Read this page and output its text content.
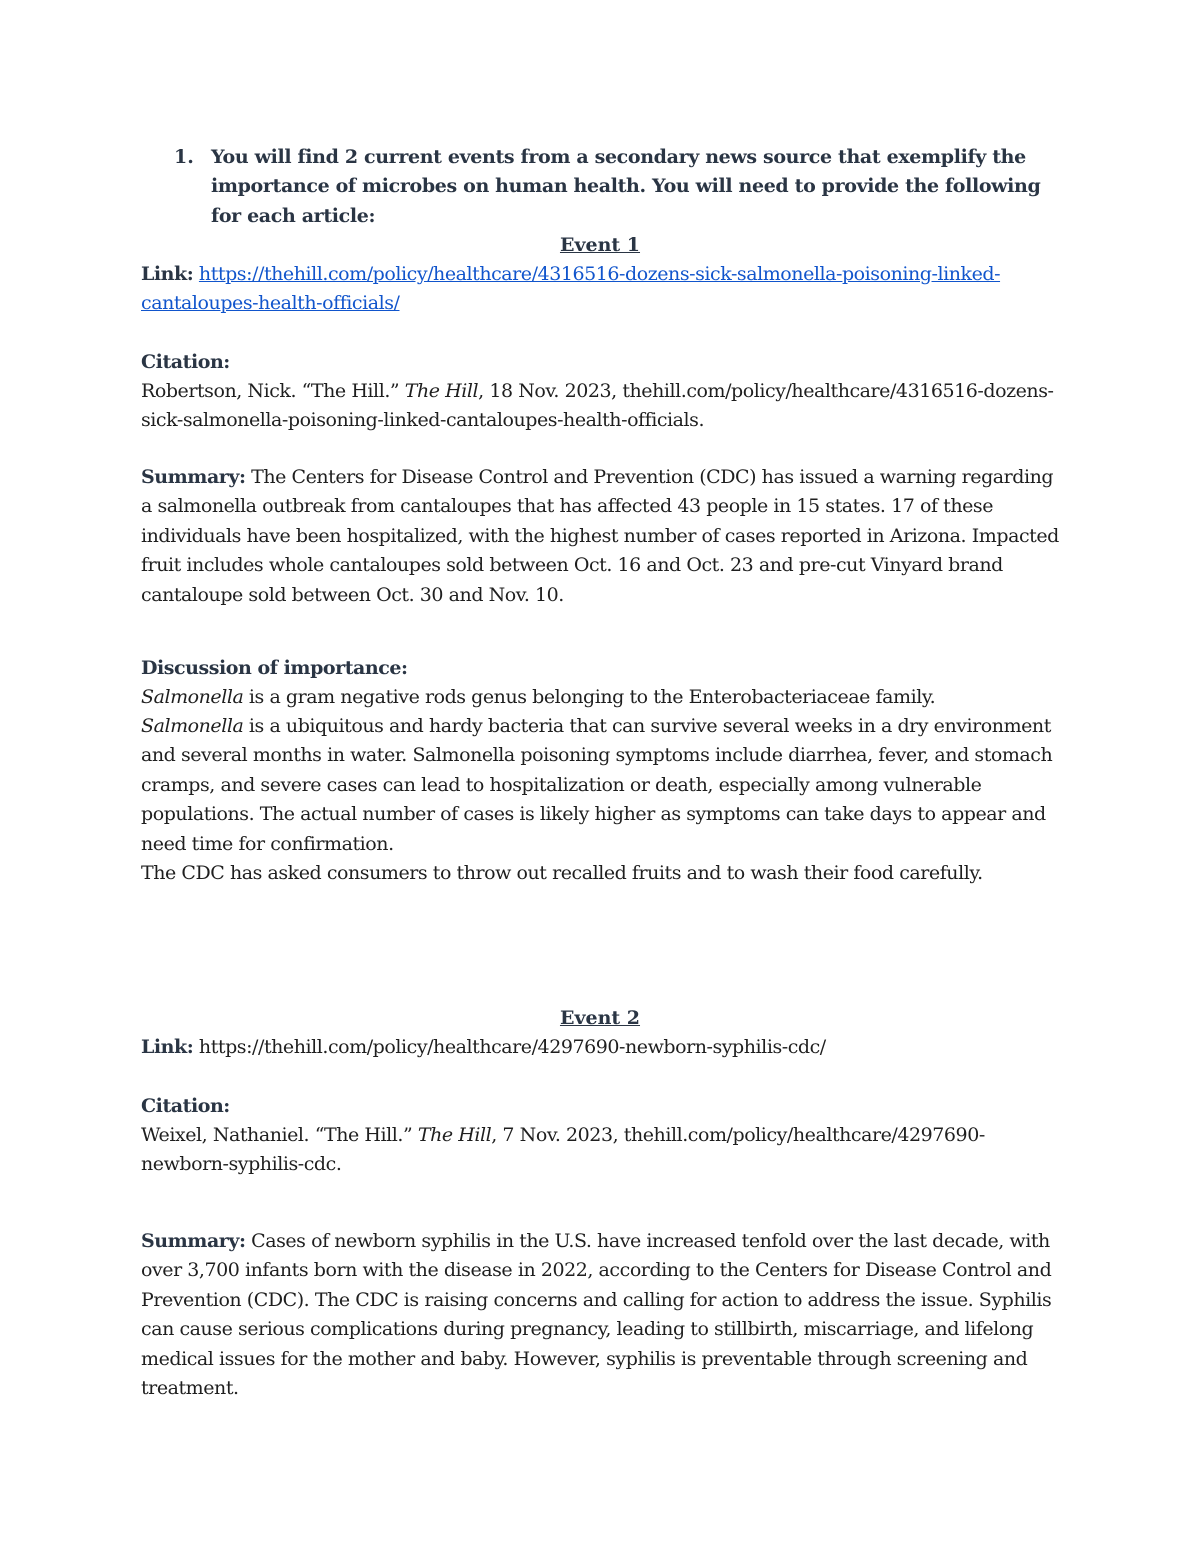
1. You will find 2 current events from a secondary news source that exemplify the importance of microbes on human health. You will need to provide the following for each article:
Event 1
Link: https://thehill.com/policy/healthcare/4316516-dozens-sick-salmonella-poisoning-linked-cantaloupes-health-officials/
Citation:
Robertson, Nick. “The Hill.” The Hill, 18 Nov. 2023, thehill.com/policy/healthcare/4316516-dozens-sick-salmonella-poisoning-linked-cantaloupes-health-officials.
Summary: The Centers for Disease Control and Prevention (CDC) has issued a warning regarding a salmonella outbreak from cantaloupes that has affected 43 people in 15 states. 17 of these individuals have been hospitalized, with the highest number of cases reported in Arizona. Impacted fruit includes whole cantaloupes sold between Oct. 16 and Oct. 23 and pre-cut Vinyard brand cantaloupe sold between Oct. 30 and Nov. 10.
Discussion of importance:
Salmonella is a gram negative rods genus belonging to the Enterobacteriaceae family.
Salmonella is a ubiquitous and hardy bacteria that can survive several weeks in a dry environment and several months in water. Salmonella poisoning symptoms include diarrhea, fever, and stomach cramps, and severe cases can lead to hospitalization or death, especially among vulnerable populations. The actual number of cases is likely higher as symptoms can take days to appear and need time for confirmation.
The CDC has asked consumers to throw out recalled fruits and to wash their food carefully.
Event 2
Link: https://thehill.com/policy/healthcare/4297690-newborn-syphilis-cdc/
Citation:
Weixel, Nathaniel. “The Hill.” The Hill, 7 Nov. 2023, thehill.com/policy/healthcare/4297690-newborn-syphilis-cdc.
Summary: Cases of newborn syphilis in the U.S. have increased tenfold over the last decade, with over 3,700 infants born with the disease in 2022, according to the Centers for Disease Control and Prevention (CDC). The CDC is raising concerns and calling for action to address the issue. Syphilis can cause serious complications during pregnancy, leading to stillbirth, miscarriage, and lifelong medical issues for the mother and baby. However, syphilis is preventable through screening and treatment.
